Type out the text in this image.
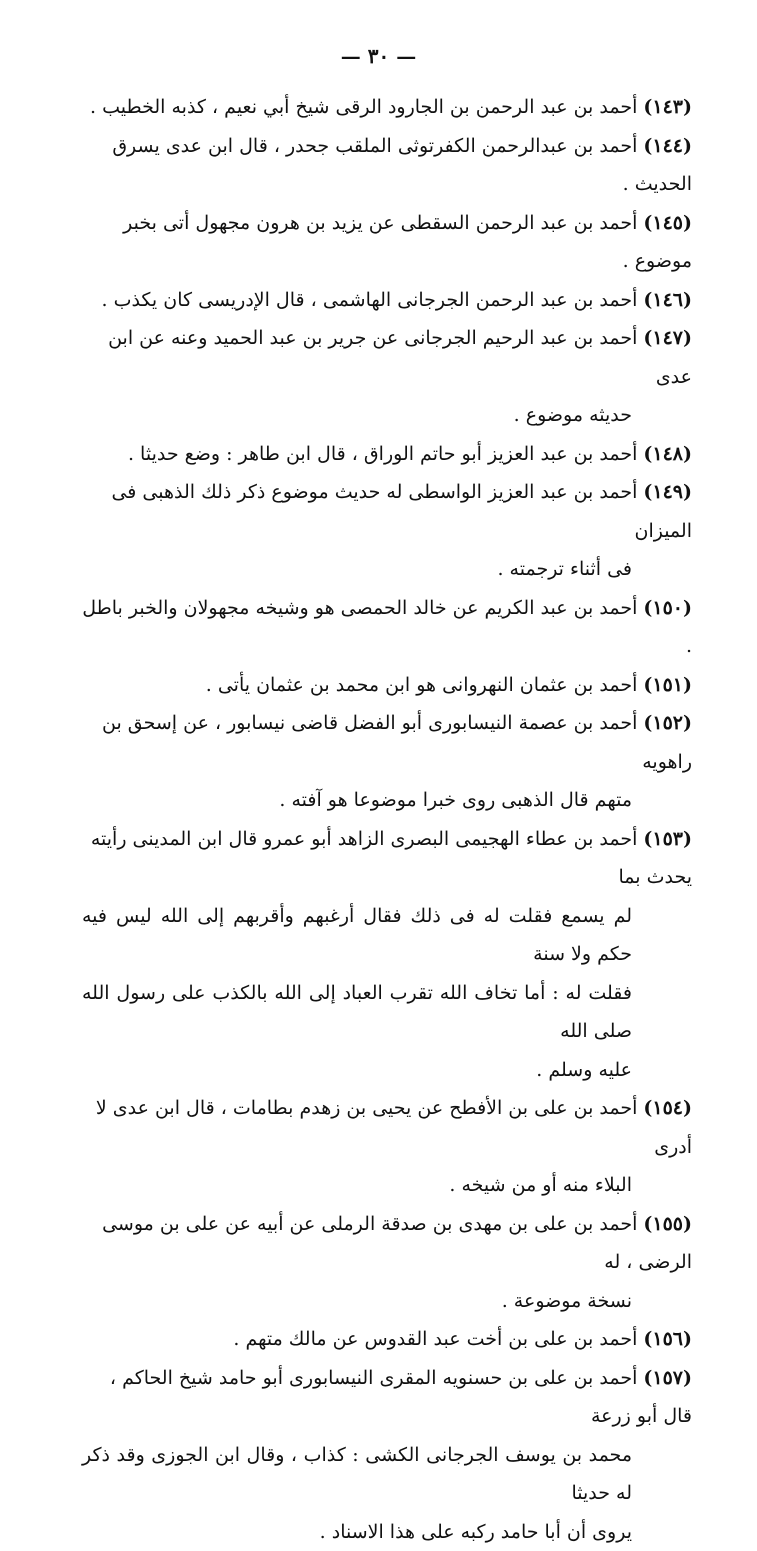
— ٣٠ —
(١٤٣)أحمد بن عبد الرحمن بن الجارود الرقى شيخ أبي نعيم ، كذبه الخطيب .
(١٤٤)أحمد بن عبدالرحمن الكفرتوثى الملقب جحدر ، قال ابن عدى يسرق الحديث .
(١٤٥)أحمد بن عبد الرحمن السقطى عن يزيد بن هرون مجهول أتى بخبر موضوع .
(١٤٦)أحمد بن عبد الرحمن الجرجانى الهاشمى ، قال الإدريسى كان يكذب .
(١٤٧)أحمد بن عبد الرحيم الجرجانى عن جرير بن عبد الحميد وعنه عن ابن عدى
حديثه موضوع .
(١٤٨)أحمد بن عبد العزيز أبو حاتم الوراق ، قال ابن طاهر : وضع حديثا .
(١٤٩)أحمد بن عبد العزيز الواسطى له حديث موضوع ذكر ذلك الذهبى فى الميزان
فى أثناء ترجمته .
(١٥٠)أحمد بن عبد الكريم عن خالد الحمصى هو وشيخه مجهولان والخبر باطل .
(١٥١)أحمد بن عثمان النهروانى هو ابن محمد بن عثمان يأتى .
(١٥٢)أحمد بن عصمة النيسابورى أبو الفضل قاضى نيسابور ، عن إسحق بن راهويه
متهم قال الذهبى روى خبرا موضوعا هو آفته .
(١٥٣)أحمد بن عطاء الهجيمى البصرى الزاهد أبو عمرو قال ابن المدينى رأيته يحدث بما
لم يسمع فقلت له فى ذلك فقال أرغبهم وأقربهم إلى الله ليس فيه حكم ولا سنة
فقلت له : أما تخاف الله تقرب العباد إلى الله بالكذب على رسول الله صلى الله
عليه وسلم .
(١٥٤)أحمد بن على بن الأفطح عن يحيى بن زهدم بطامات ، قال ابن عدى لا أدرى
البلاء منه أو من شيخه .
(١٥٥)أحمد بن على بن مهدى بن صدقة الرملى عن أبيه عن على بن موسى الرضى ، له
نسخة موضوعة .
(١٥٦)أحمد بن على بن أخت عبد القدوس عن مالك متهم .
(١٥٧)أحمد بن على بن حسنويه المقرى النيسابورى أبو حامد شيخ الحاكم ، قال أبو زرعة
محمد بن يوسف الجرجانى الكشى : كذاب ، وقال ابن الجوزى وقد ذكر له حديثا
يروى أن أبا حامد ركبه على هذا الاسناد .
